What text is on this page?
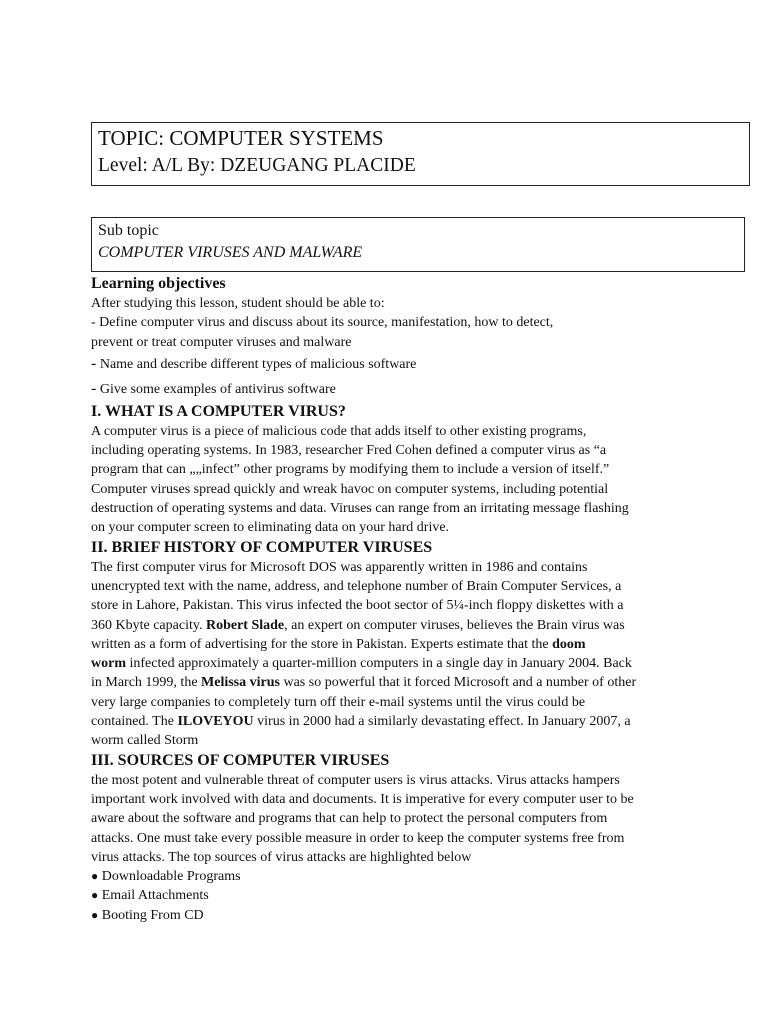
TOPIC: COMPUTER SYSTEMS
Level: A/L By: DZEUGANG PLACIDE
Sub topic
COMPUTER VIRUSES AND MALWARE
Learning objectives
After studying this lesson, student should be able to:
- Define computer virus and discuss about its source, manifestation, how to detect,
prevent or treat computer viruses and malware
- Name and describe different types of malicious software
- Give some examples of antivirus software
I. WHAT IS A COMPUTER VIRUS?
A computer virus is a piece of malicious code that adds itself to other existing programs,
including operating systems. In 1983, researcher Fred Cohen defined a computer virus as “a
program that can „„infect” other programs by modifying them to include a version of itself.”
Computer viruses spread quickly and wreak havoc on computer systems, including potential
destruction of operating systems and data. Viruses can range from an irritating message flashing
on your computer screen to eliminating data on your hard drive.
II. BRIEF HISTORY OF COMPUTER VIRUSES
The first computer virus for Microsoft DOS was apparently written in 1986 and contains
unencrypted text with the name, address, and telephone number of Brain Computer Services, a
store in Lahore, Pakistan. This virus infected the boot sector of 5¼-inch floppy diskettes with a
360 Kbyte capacity. Robert Slade, an expert on computer viruses, believes the Brain virus was
written as a form of advertising for the store in Pakistan. Experts estimate that the doom
worm infected approximately a quarter-million computers in a single day in January 2004. Back
in March 1999, the Melissa virus was so powerful that it forced Microsoft and a number of other
very large companies to completely turn off their e-mail systems until the virus could be
contained. The ILOVEYOU virus in 2000 had a similarly devastating effect. In January 2007, a
worm called Storm
III. SOURCES OF COMPUTER VIRUSES
the most potent and vulnerable threat of computer users is virus attacks. Virus attacks hampers
important work involved with data and documents. It is imperative for every computer user to be
aware about the software and programs that can help to protect the personal computers from
attacks. One must take every possible measure in order to keep the computer systems free from
virus attacks. The top sources of virus attacks are highlighted below
● Downloadable Programs
● Email Attachments
● Booting From CD
